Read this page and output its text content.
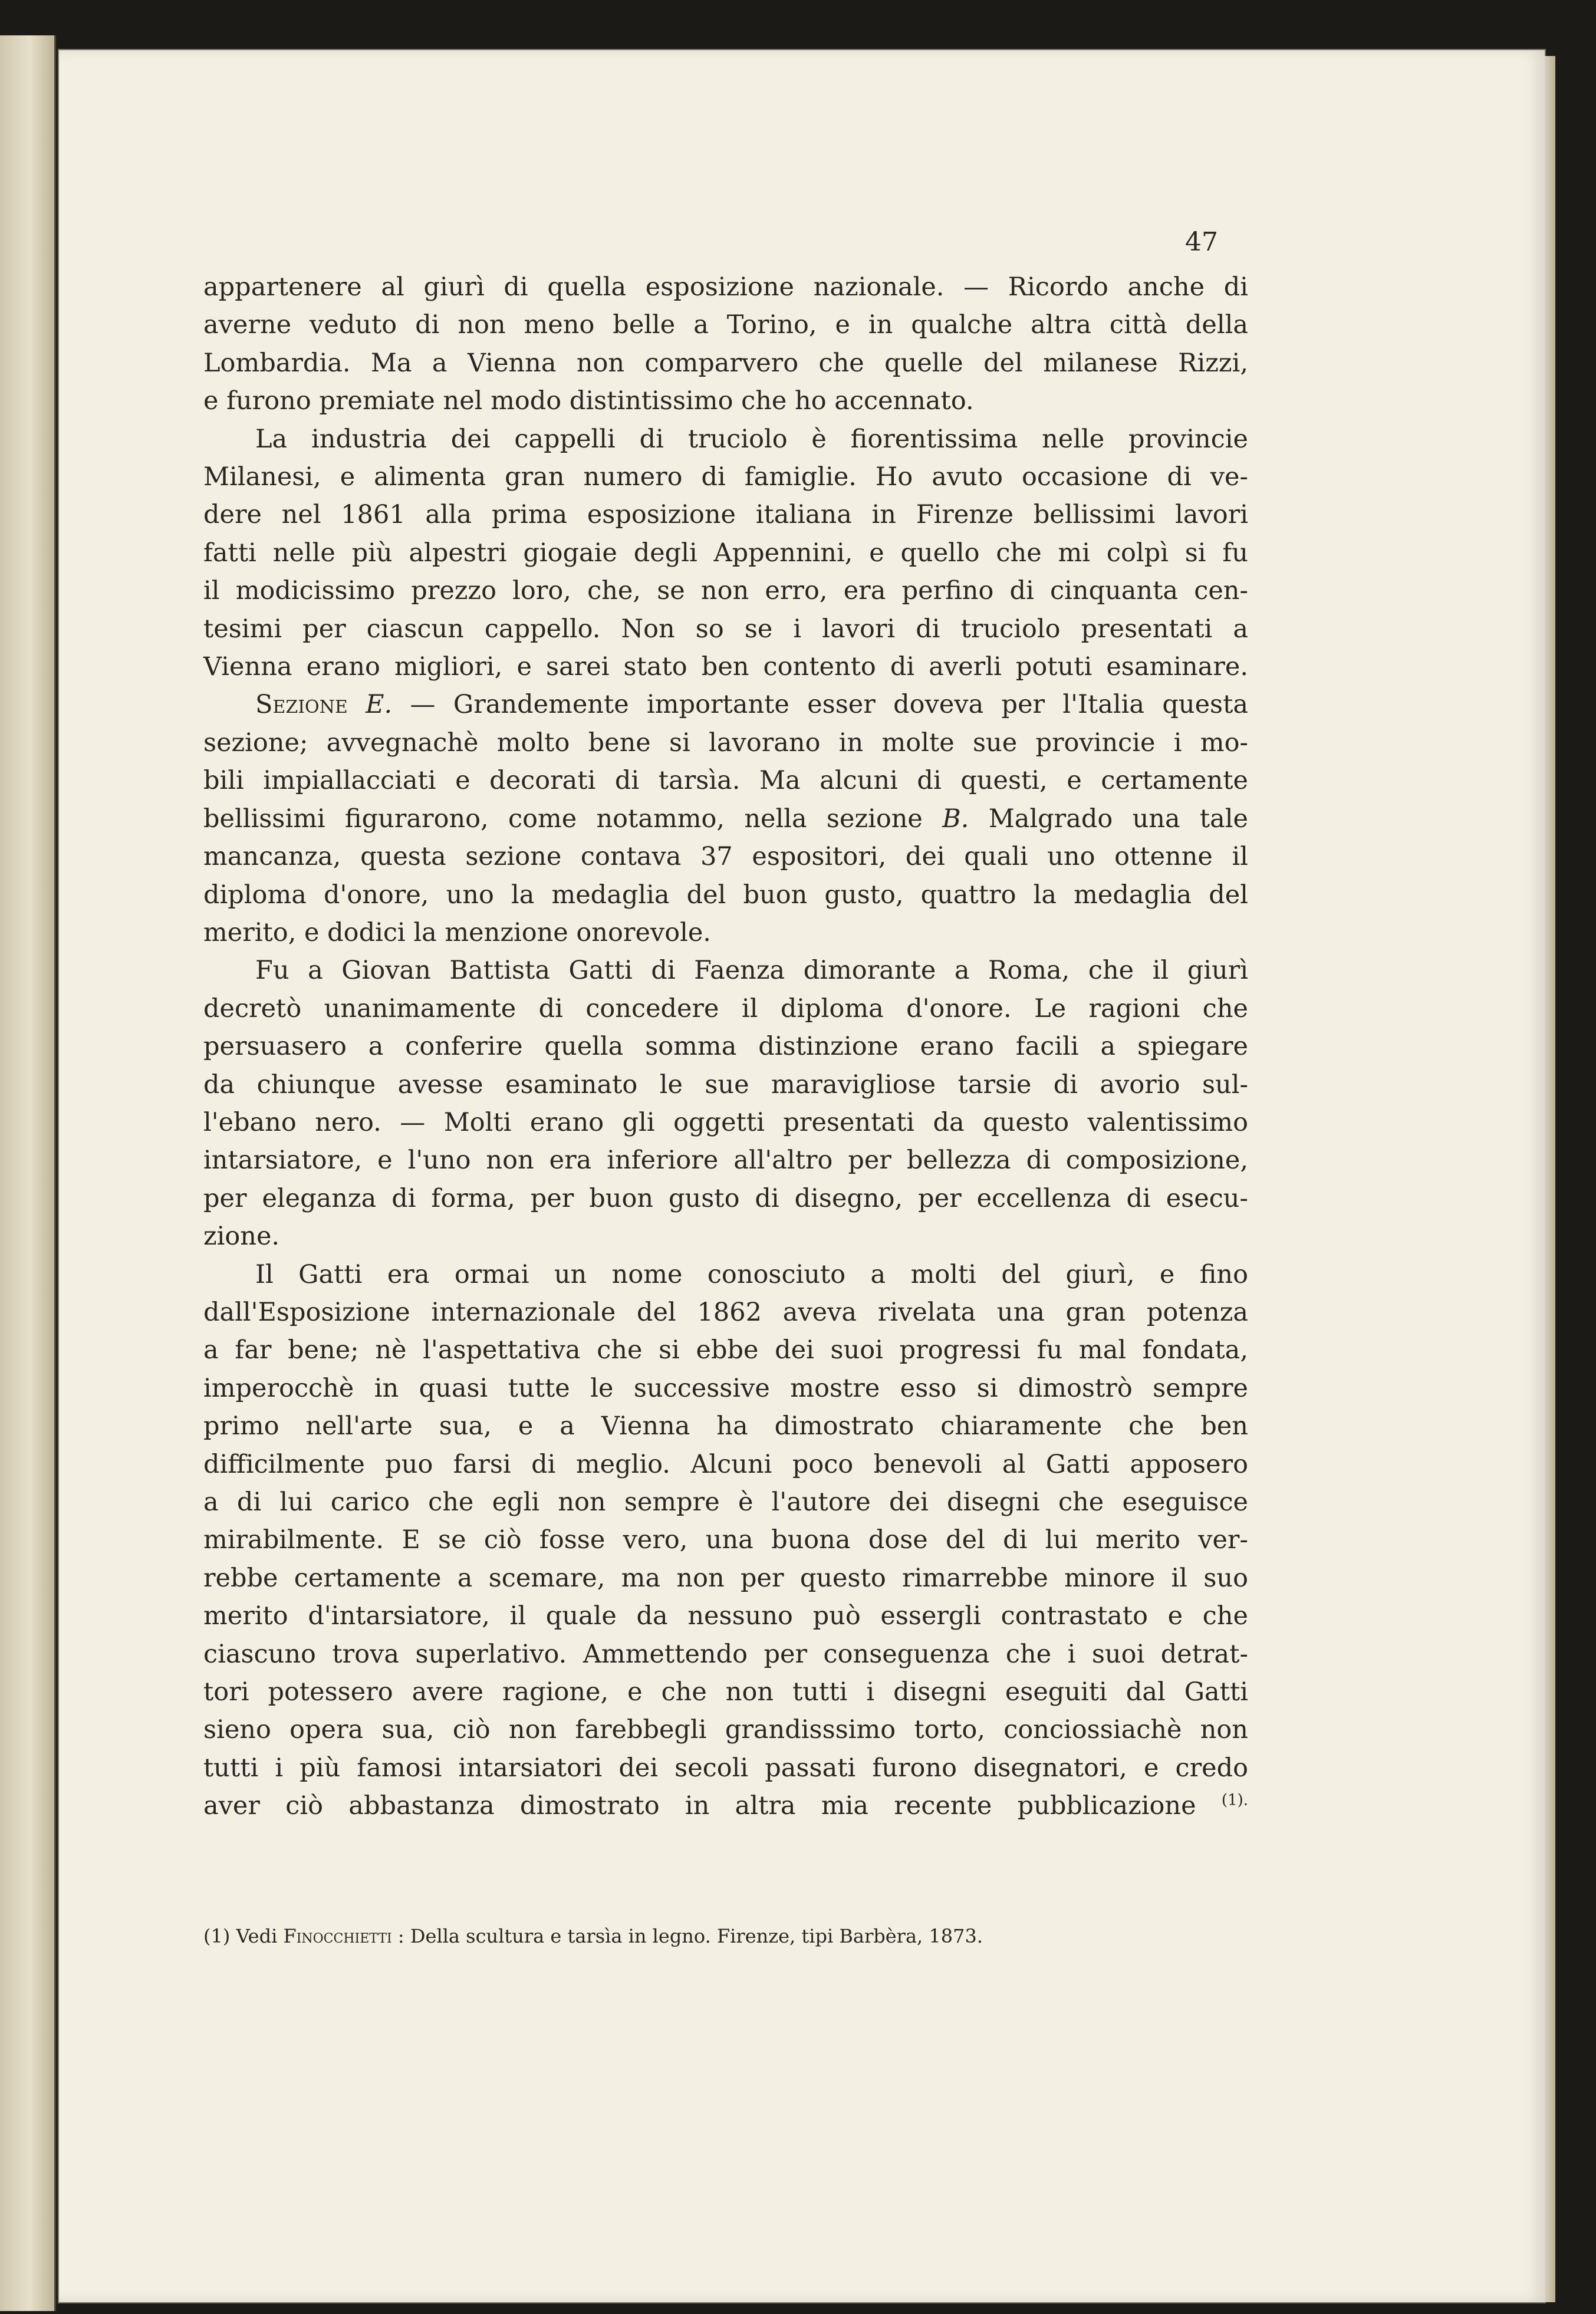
47
appartenere al giurì di quella esposizione nazionale. — Ricordo anche di
averne veduto di non meno belle a Torino, e in qualche altra città della
Lombardia. Ma a Vienna non comparvero che quelle del milanese Rizzi,
e furono premiate nel modo distintissimo che ho accennato.
La industria dei cappelli di truciolo è fiorentissima nelle provincie
Milanesi, e alimenta gran numero di famiglie. Ho avuto occasione di ve-
dere nel 1861 alla prima esposizione italiana in Firenze bellissimi lavori
fatti nelle più alpestri giogaie degli Appennini, e quello che mi colpì si fu
il modicissimo prezzo loro, che, se non erro, era perfino di cinquanta cen-
tesimi per ciascun cappello. Non so se i lavori di truciolo presentati a
Vienna erano migliori, e sarei stato ben contento di averli potuti esaminare.
Sezione E. — Grandemente importante esser doveva per l'Italia questa
sezione; avvegnachè molto bene si lavorano in molte sue provincie i mo-
bili impiallacciati e decorati di tarsìa. Ma alcuni di questi, e certamente
bellissimi figurarono, come notammo, nella sezione B. Malgrado una tale
mancanza, questa sezione contava 37 espositori, dei quali uno ottenne il
diploma d'onore, uno la medaglia del buon gusto, quattro la medaglia del
merito, e dodici la menzione onorevole.
Fu a Giovan Battista Gatti di Faenza dimorante a Roma, che il giurì
decretò unanimamente di concedere il diploma d'onore. Le ragioni che
persuasero a conferire quella somma distinzione erano facili a spiegare
da chiunque avesse esaminato le sue maravigliose tarsie di avorio sul-
l'ebano nero. — Molti erano gli oggetti presentati da questo valentissimo
intarsiatore, e l'uno non era inferiore all'altro per bellezza di composizione,
per eleganza di forma, per buon gusto di disegno, per eccellenza di esecu-
zione.
Il Gatti era ormai un nome conosciuto a molti del giurì, e fino
dall'Esposizione internazionale del 1862 aveva rivelata una gran potenza
a far bene; nè l'aspettativa che si ebbe dei suoi progressi fu mal fondata,
imperocchè in quasi tutte le successive mostre esso si dimostrò sempre
primo nell'arte sua, e a Vienna ha dimostrato chiaramente che ben
difficilmente puo farsi di meglio. Alcuni poco benevoli al Gatti apposero
a di lui carico che egli non sempre è l'autore dei disegni che eseguisce
mirabilmente. E se ciò fosse vero, una buona dose del di lui merito ver-
rebbe certamente a scemare, ma non per questo rimarrebbe minore il suo
merito d'intarsiatore, il quale da nessuno può essergli contrastato e che
ciascuno trova superlativo. Ammettendo per conseguenza che i suoi detrat-
tori potessero avere ragione, e che non tutti i disegni eseguiti dal Gatti
sieno opera sua, ciò non farebbegli grandisssimo torto, conciossiachè non
tutti i più famosi intarsiatori dei secoli passati furono disegnatori, e credo
aver ciò abbastanza dimostrato in altra mia recente pubblicazione $^{(1).}$
(1) Vedi Finocchietti : Della scultura e tarsìa in legno. Firenze, tipi Barbèra, 1873.
